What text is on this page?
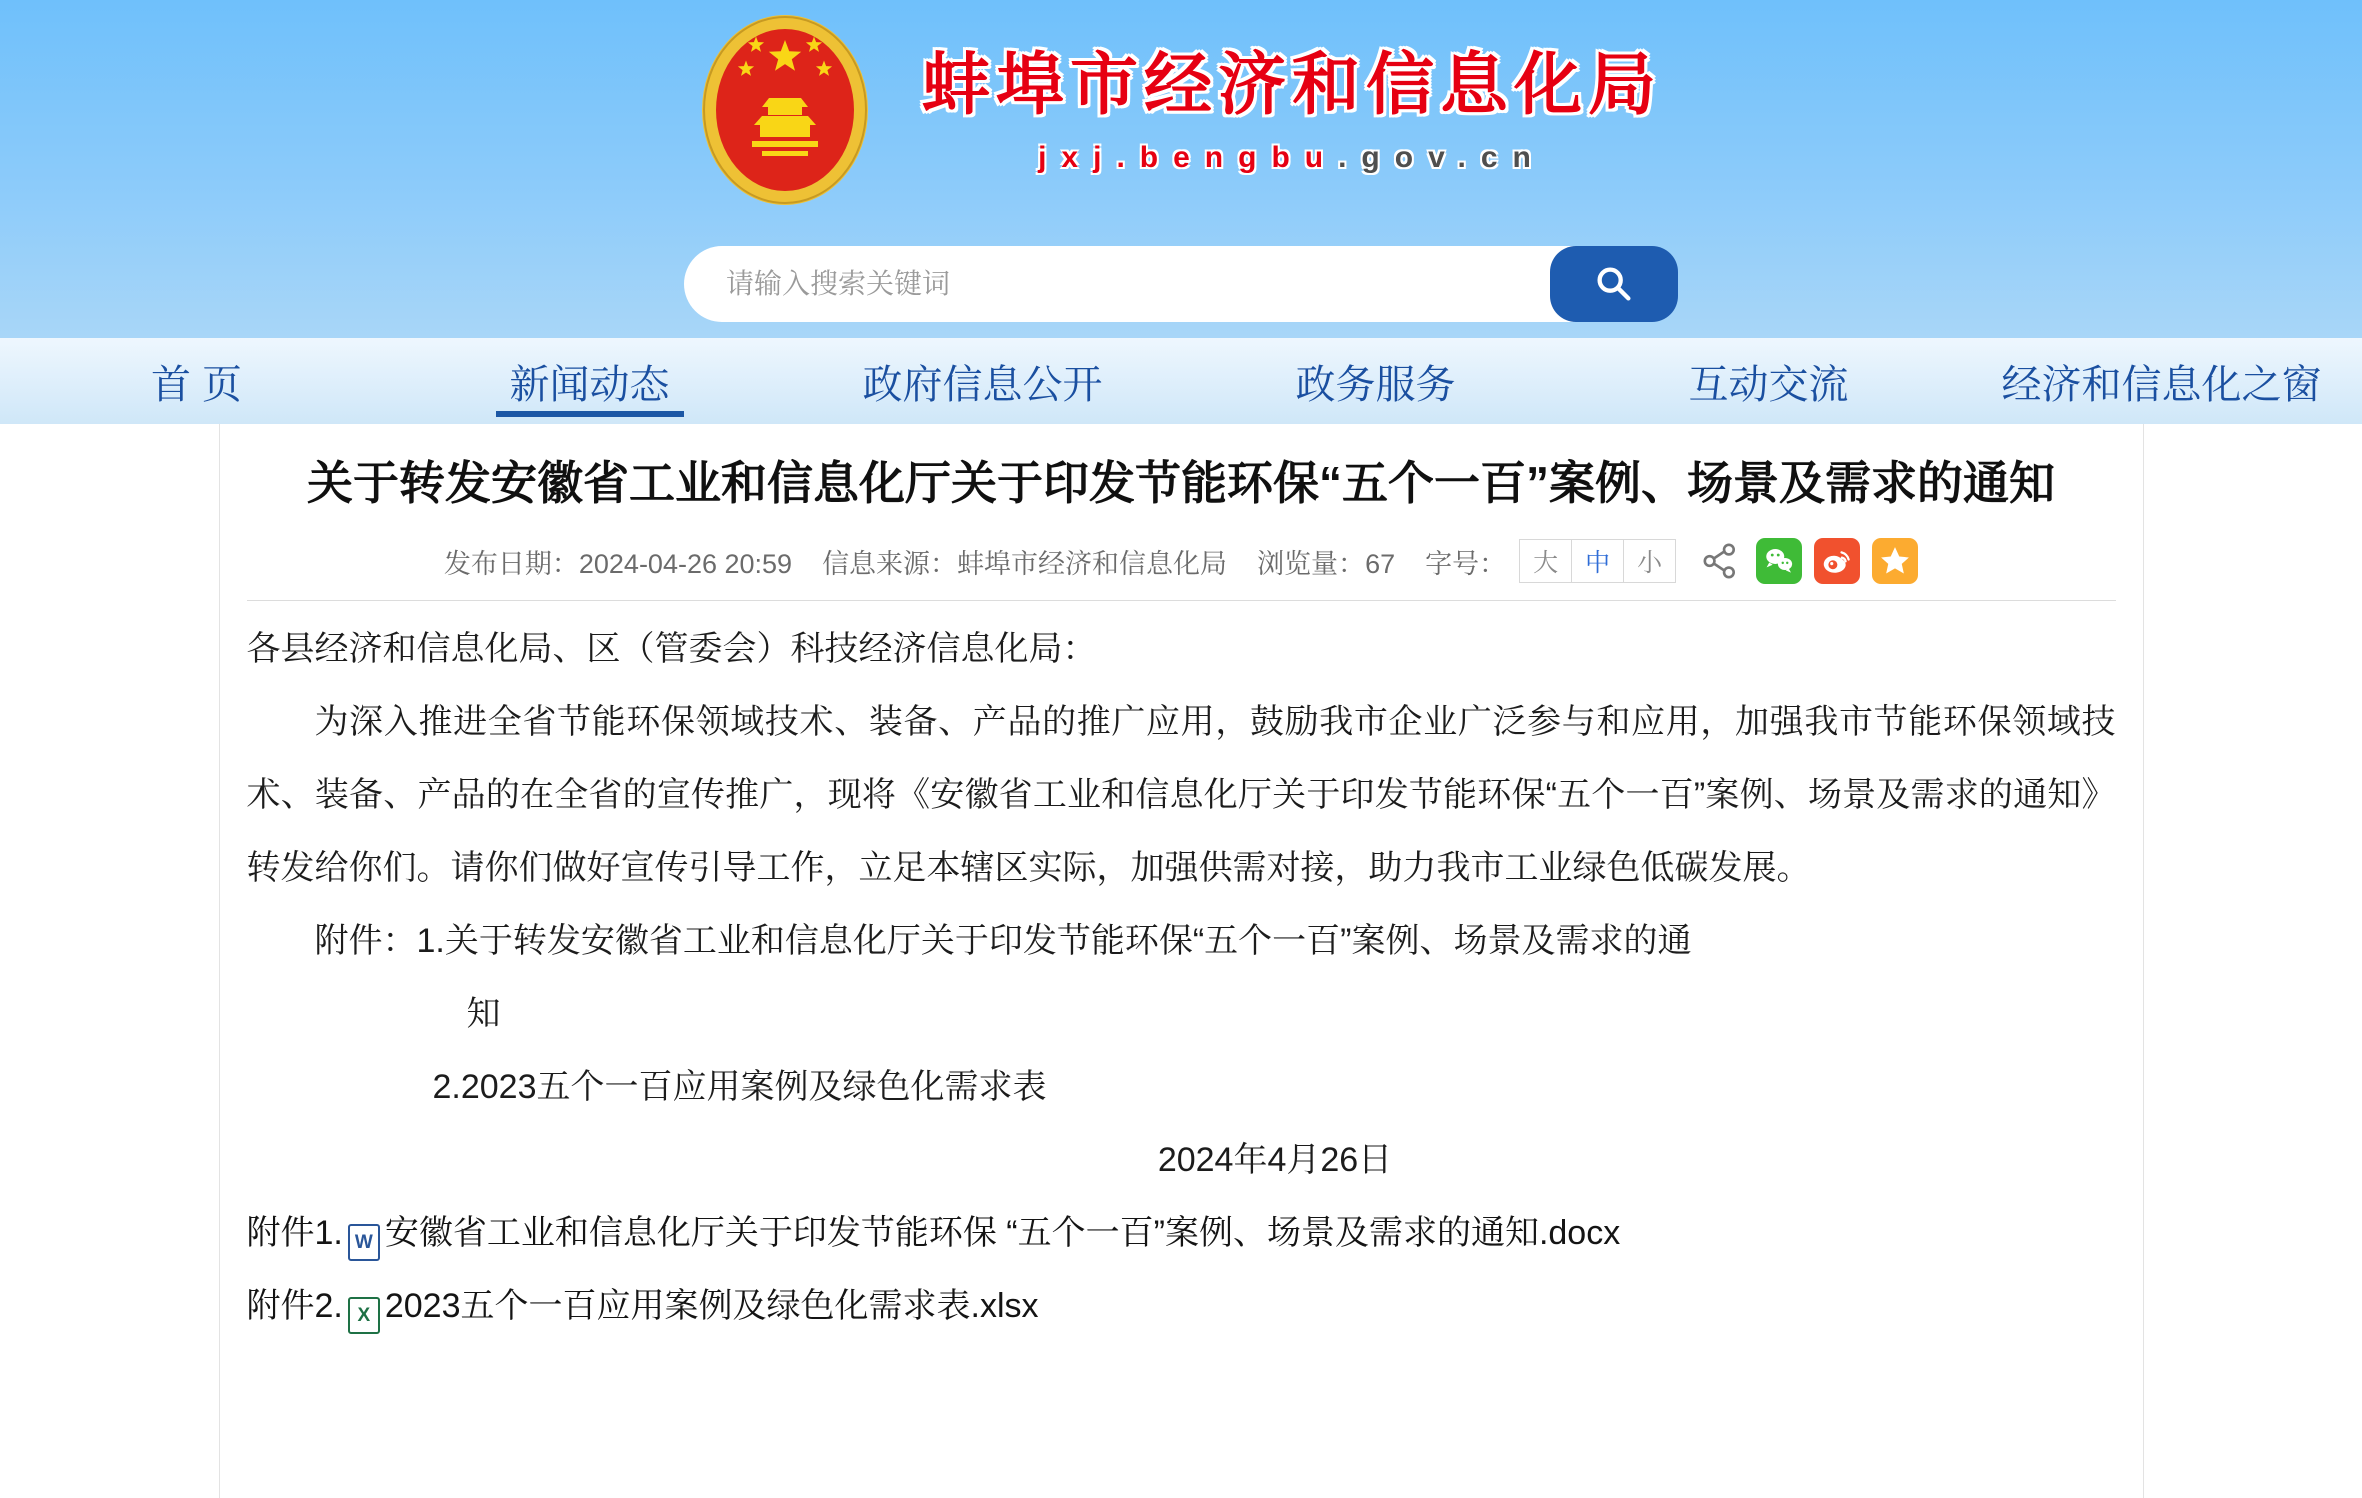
蚌埠市经济和信息化局
jxj.bengbu.gov.cn
请输入搜索关键词
首 页	新闻动态	政府信息公开	政务服务	互动交流	经济和信息化之窗
关于转发安徽省工业和信息化厅关于印发节能环保“五个一百”案例、场景及需求的通知
发布日期：2024-04-26 20:59 信息来源：蚌埠市经济和信息化局 浏览量：67 字号：	大	中	小

各县经济和信息化局、区（管委会）科技经济信息化局：

为深入推进全省节能环保领域技术、装备、产品的推广应用，鼓励我市企业广泛参与和应用，加强我市节能环保领域技术、装备、产品的在全省的宣传推广，现将《安徽省工业和信息化厅关于印发节能环保“五个一百”案例、场景及需求的通知》转发给你们。请你们做好宣传引导工作，立足本辖区实际，加强供需对接，助力我市工业绿色低碳发展。

附件：1.关于转发安徽省工业和信息化厅关于印发节能环保“五个一百”案例、场景及需求的通

知

2.2023五个一百应用案例及绿色化需求表

2024年4月26日

附件1. W 安徽省工业和信息化厅关于印发节能环保 “五个一百”案例、场景及需求的通知.docx

附件2. X 2023五个一百应用案例及绿色化需求表.xlsx
